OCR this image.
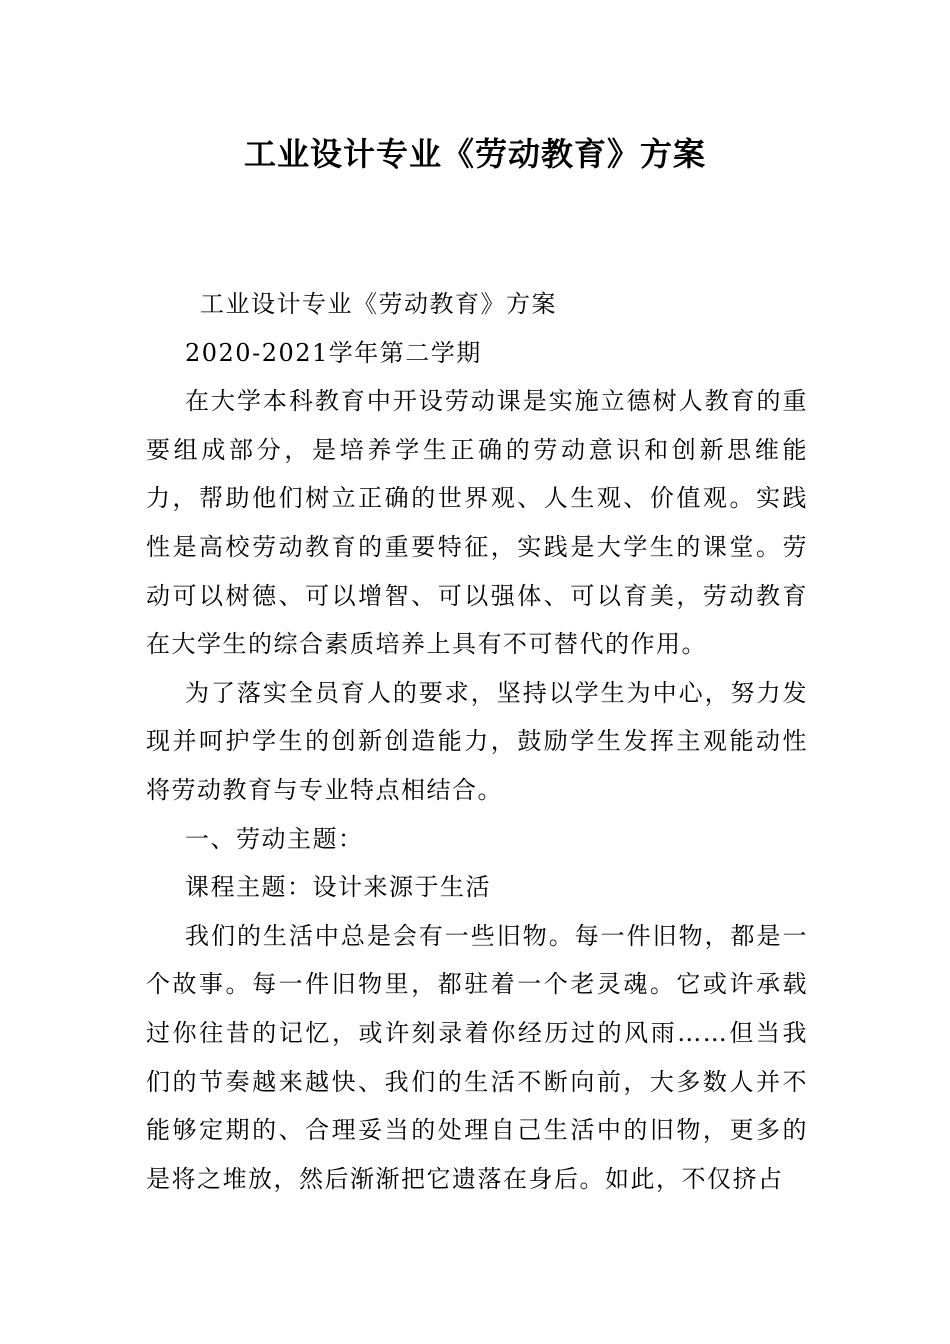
工业设计专业《劳动教育》方案

工业设计专业《劳动教育》方案

2020-2021学年第二学期

在大学本科教育中开设劳动课是实施立德树人教育的重要组成部分，是培养学生正确的劳动意识和创新思维能力，帮助他们树立正确的世界观、人生观、价值观。实践性是高校劳动教育的重要特征，实践是大学生的课堂。劳动可以树德、可以增智、可以强体、可以育美，劳动教育在大学生的综合素质培养上具有不可替代的作用。

为了落实全员育人的要求，坚持以学生为中心，努力发现并呵护学生的创新创造能力，鼓励学生发挥主观能动性将劳动教育与专业特点相结合。

一、劳动主题：

课程主题：设计来源于生活

我们的生活中总是会有一些旧物。每一件旧物，都是一个故事。每一件旧物里，都驻着一个老灵魂。它或许承载过你往昔的记忆，或许刻录着你经历过的风雨……但当我们的节奏越来越快、我们的生活不断向前，大多数人并不能够定期的、合理妥当的处理自己生活中的旧物，更多的是将之堆放，然后渐渐把它遗落在身后。如此，不仅挤占
